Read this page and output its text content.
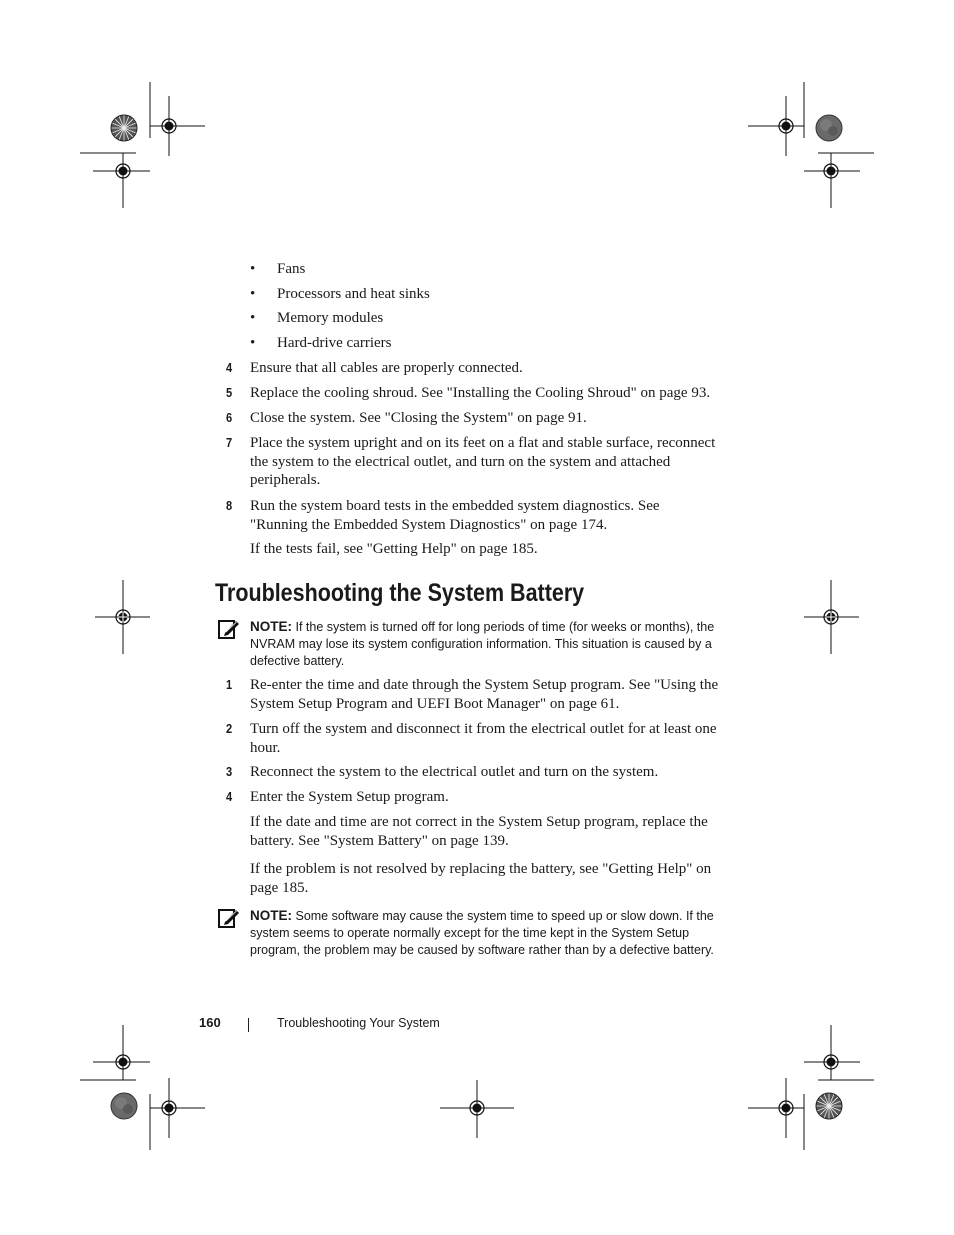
•	Fans
•	Processors and heat sinks
•	Memory modules
•	Hard-drive carriers
4	Ensure that all cables are properly connected.
5	Replace the cooling shroud. See "Installing the Cooling Shroud" on page 93.
6	Close the system. See "Closing the System" on page 91.
7	Place the system upright and on its feet on a flat and stable surface, reconnect the system to the electrical outlet, and turn on the system and attached peripherals.
8	Run the system board tests in the embedded system diagnostics. See "Running the Embedded System Diagnostics" on page 174.
If the tests fail, see "Getting Help" on page 185.
Troubleshooting the System Battery
NOTE: If the system is turned off for long periods of time (for weeks or months), the NVRAM may lose its system configuration information. This situation is caused by a defective battery.
1	Re-enter the time and date through the System Setup program. See "Using the System Setup Program and UEFI Boot Manager" on page 61.
2	Turn off the system and disconnect it from the electrical outlet for at least one hour.
3	Reconnect the system to the electrical outlet and turn on the system.
4	Enter the System Setup program.
If the date and time are not correct in the System Setup program, replace the battery. See "System Battery" on page 139.
If the problem is not resolved by replacing the battery, see "Getting Help" on page 185.
NOTE: Some software may cause the system time to speed up or slow down. If the system seems to operate normally except for the time kept in the System Setup program, the problem may be caused by software rather than by a defective battery.
160	Troubleshooting Your System
